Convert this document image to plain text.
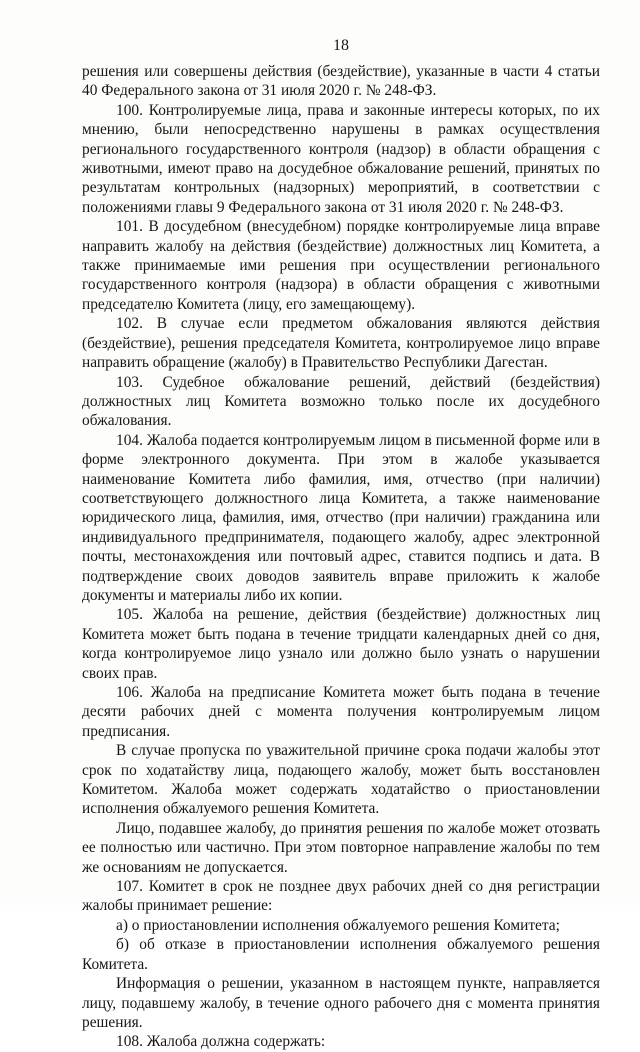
18

решения или совершены действия (бездействие), указанные в части 4 статьи 40 Федерального закона от 31 июля 2020 г. № 248-ФЗ.

100. Контролируемые лица, права и законные интересы которых, по их мнению, были непосредственно нарушены в рамках осуществления регионального государственного контроля (надзор) в области обращения с животными, имеют право на досудебное обжалование решений, принятых по результатам контрольных (надзорных) мероприятий, в соответствии с положениями главы 9 Федерального закона от 31 июля 2020 г. № 248-ФЗ.

101. В досудебном (внесудебном) порядке контролируемые лица вправе направить жалобу на действия (бездействие) должностных лиц Комитета, а также принимаемые ими решения при осуществлении регионального государственного контроля (надзора) в области обращения с животными председателю Комитета (лицу, его замещающему).

102. В случае если предметом обжалования являются действия (бездействие), решения председателя Комитета, контролируемое лицо вправе направить обращение (жалобу) в Правительство Республики Дагестан.

103. Судебное обжалование решений, действий (бездействия) должностных лиц Комитета возможно только после их досудебного обжалования.

104. Жалоба подается контролируемым лицом в письменной форме или в форме электронного документа. При этом в жалобе указывается наименование Комитета либо фамилия, имя, отчество (при наличии) соответствующего должностного лица Комитета, а также наименование юридического лица, фамилия, имя, отчество (при наличии) гражданина или индивидуального предпринимателя, подающего жалобу, адрес электронной почты, местонахождения или почтовый адрес, ставится подпись и дата. В подтверждение своих доводов заявитель вправе приложить к жалобе документы и материалы либо их копии.

105. Жалоба на решение, действия (бездействие) должностных лиц Комитета может быть подана в течение тридцати календарных дней со дня, когда контролируемое лицо узнало или должно было узнать о нарушении своих прав.

106. Жалоба на предписание Комитета может быть подана в течение десяти рабочих дней с момента получения контролируемым лицом предписания.

В случае пропуска по уважительной причине срока подачи жалобы этот срок по ходатайству лица, подающего жалобу, может быть восстановлен Комитетом. Жалоба может содержать ходатайство о приостановлении исполнения обжалуемого решения Комитета.

Лицо, подавшее жалобу, до принятия решения по жалобе может отозвать ее полностью или частично. При этом повторное направление жалобы по тем же основаниям не допускается.

107. Комитет в срок не позднее двух рабочих дней со дня регистрации жалобы принимает решение:

а) о приостановлении исполнения обжалуемого решения Комитета;

б) об отказе в приостановлении исполнения обжалуемого решения Комитета.

Информация о решении, указанном в настоящем пункте, направляется лицу, подавшему жалобу, в течение одного рабочего дня с момента принятия решения.

108. Жалоба должна содержать:
